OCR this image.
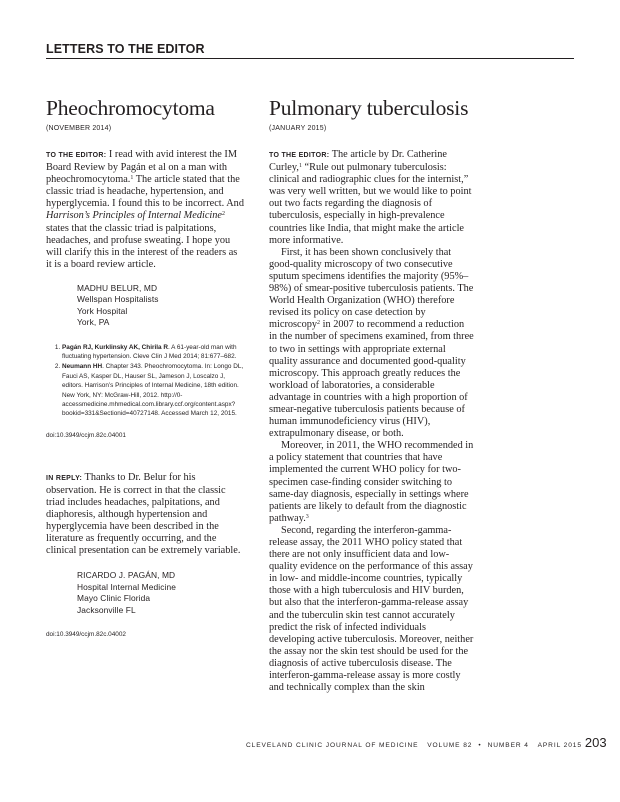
LETTERS TO THE EDITOR
Pheochromocytoma
(NOVEMBER 2014)

TO THE EDITOR: I read with avid interest the IM Board Review by Pagán et al on a man with pheochromocytoma.$^1$ The article stated that the classic triad is headache, hypertension, and hyperglycemia. I found this to be incorrect. And Harrison’s Principles of Internal Medicine$^2$ states that the classic triad is palpitations, headaches, and profuse sweating. I hope you will clarify this in the interest of the readers as it is a board review article.

MADHU BELUR, MD
Wellspan Hospitalists
York Hospital
York, PA
1. Pagán RJ, Kurklinsky AK, Chirila R. A 61-year-old man with fluctuating hypertension. Cleve Clin J Med 2014; 81:677–682.
2. Neumann HH. Chapter 343. Pheochromocytoma. In: Longo DL, Fauci AS, Kasper DL, Hauser SL, Jameson J, Loscalzo J, editors. Harrison’s Principles of Internal Medicine, 18th edition. New York, NY: McGraw-Hill, 2012. http://0-accessmedicine.mhmedical.com.library.ccf.org/content.aspx?bookid=331&Sectionid=40727148. Accessed March 12, 2015.
doi:10.3949/ccjm.82c.04001

IN REPLY: Thanks to Dr. Belur for his observation. He is correct in that the classic triad includes headaches, palpitations, and diaphoresis, although hypertension and hyperglycemia have been described in the literature as frequently occurring, and the clinical presentation can be extremely variable.

RICARDO J. PAGÁN, MD
Hospital Internal Medicine
Mayo Clinic Florida
Jacksonville FL
doi:10.3949/ccjm.82c.04002
Pulmonary tuberculosis
(JANUARY 2015)

TO THE EDITOR: The article by Dr. Catherine Curley,$^1$ “Rule out pulmonary tuberculosis: clinical and radiographic clues for the internist,” was very well written, but we would like to point out two facts regarding the diagnosis of tuberculosis, especially in high-prevalence countries like India, that might make the article more informative.

First, it has been shown conclusively that good-quality microscopy of two consecutive sputum specimens identifies the majority (95%–98%) of smear-positive tuberculosis patients. The World Health Organization (WHO) therefore revised its policy on case detection by microscopy$^2$ in 2007 to recommend a reduction in the number of specimens examined, from three to two in settings with appropriate external quality assurance and documented good-quality microscopy. This approach greatly reduces the workload of laboratories, a considerable advantage in countries with a high proportion of smear-negative tuberculosis patients because of human immunodeficiency virus (HIV), extrapulmonary disease, or both.

Moreover, in 2011, the WHO recommended in a policy statement that countries that have implemented the current WHO policy for two-specimen case-finding consider switching to same-day diagnosis, especially in settings where patients are likely to default from the diagnostic pathway.$^3$

Second, regarding the interferon-gamma-release assay, the 2011 WHO policy stated that there are not only insufficient data and low-quality evidence on the performance of this assay in low- and middle-income countries, typically those with a high tuberculosis and HIV burden, but also that the interferon-gamma-release assay and the tuberculin skin test cannot accurately predict the risk of infected individuals developing active tuberculosis. Moreover, neither the assay nor the skin test should be used for the diagnosis of active tuberculosis disease. The interferon-gamma-release assay is more costly and technically complex than the skin

CLEVELAND CLINIC JOURNAL OF MEDICINE VOLUME 82 • NUMBER 4 APRIL 2015 203
